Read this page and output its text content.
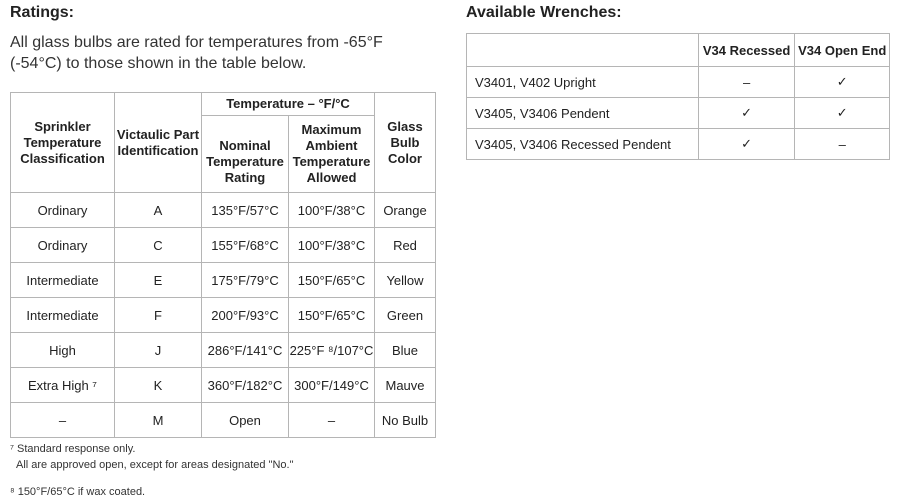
Ratings:
All glass bulbs are rated for temperatures from -65°F (-54°C) to those shown in the table below.
Sprinkler Temperature Classification	Victaulic Part Identification	Temperature – °F/°C		Glass Bulb Color
		Nominal Temperature Rating	Maximum Ambient Temperature Allowed	
Ordinary	A	135°F/57°C	100°F/38°C	Orange
Ordinary	C	155°F/68°C	100°F/38°C	Red
Intermediate	E	175°F/79°C	150°F/65°C	Yellow
Intermediate	F	200°F/93°C	150°F/65°C	Green
High	J	286°F/141°C	225°F ⁸/107°C	Blue
Extra High ⁷	K	360°F/182°C	300°F/149°C	Mauve
–	M	Open	–	No Bulb
⁷ Standard response only.
All are approved open, except for areas designated "No."
⁸ 150°F/65°C if wax coated.
Available Wrenches:
	V34 Recessed	V34 Open End
V3401, V402 Upright	–	✓
V3405, V3406 Pendent	✓	✓
V3405, V3406 Recessed Pendent	✓	–
